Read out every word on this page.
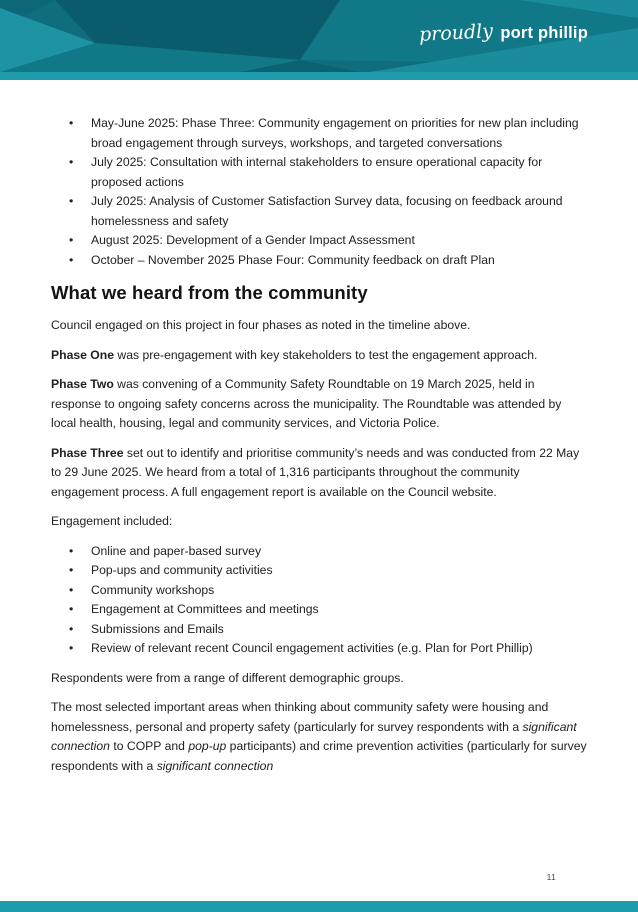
proudly port phillip
• May-June 2025: Phase Three: Community engagement on priorities for new plan including broad engagement through surveys, workshops, and targeted conversations
• July 2025: Consultation with internal stakeholders to ensure operational capacity for proposed actions
• July 2025: Analysis of Customer Satisfaction Survey data, focusing on feedback around homelessness and safety
• August 2025: Development of a Gender Impact Assessment
• October – November 2025 Phase Four: Community feedback on draft Plan
What we heard from the community

Council engaged on this project in four phases as noted in the timeline above.

Phase One was pre-engagement with key stakeholders to test the engagement approach.

Phase Two was convening of a Community Safety Roundtable on 19 March 2025, held in response to ongoing safety concerns across the municipality. The Roundtable was attended by local health, housing, legal and community services, and Victoria Police.

Phase Three set out to identify and prioritise community’s needs and was conducted from 22 May to 29 June 2025. We heard from a total of 1,316 participants throughout the community engagement process. A full engagement report is available on the Council website.

Engagement included:

• Online and paper-based survey
• Pop-ups and community activities
• Community workshops
• Engagement at Committees and meetings
• Submissions and Emails
• Review of relevant recent Council engagement activities (e.g. Plan for Port Phillip)

Respondents were from a range of different demographic groups.

The most selected important areas when thinking about community safety were housing and homelessness, personal and property safety (particularly for survey respondents with a significant connection to COPP and pop-up participants) and crime prevention activities (particularly for survey respondents with a significant connection

11
